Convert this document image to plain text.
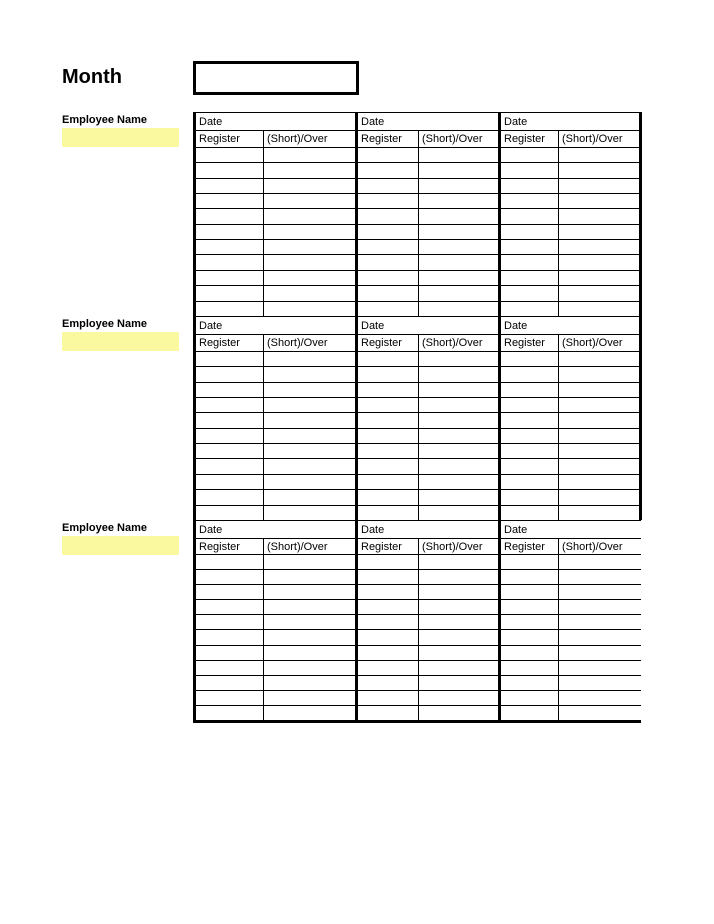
Month
Employee Name	Date		Date		Date	
Register	(Short)/Over	Register	(Short)/Over	Register	(Short)/Over

Employee Name	Date		Date		Date	
Register	(Short)/Over	Register	(Short)/Over	Register	(Short)/Over

Employee Name	Date		Date		Date	
Register	(Short)/Over	Register	(Short)/Over	Register	(Short)/Over
